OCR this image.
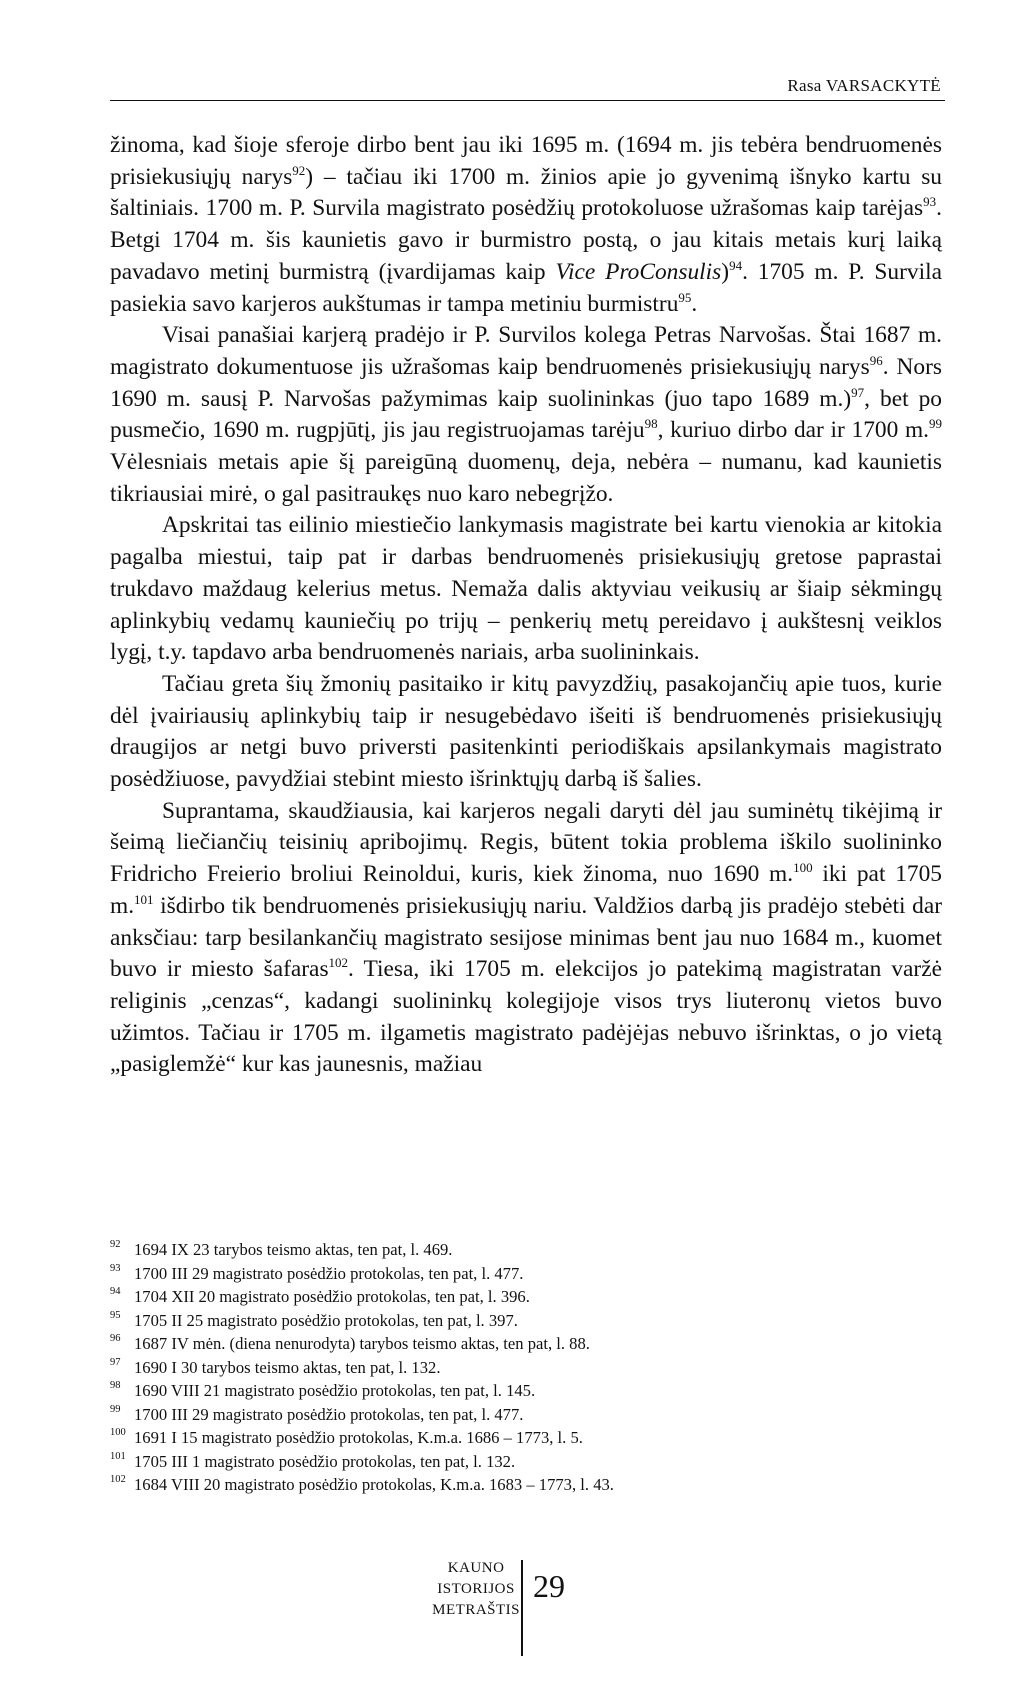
Rasa VARSACKYTĖ

žinoma, kad šioje sferoje dirbo bent jau iki 1695 m. (1694 m. jis tebėra bendruomenės prisiekusiųjų narys$^{92}$) – tačiau iki 1700 m. žinios apie jo gyvenimą išnyko kartu su šaltiniais. 1700 m. P. Survila magistrato posėdžių protokoluose užrašomas kaip tarėjas$^{93}$. Betgi 1704 m. šis kaunietis gavo ir burmistro postą, o jau kitais metais kurį laiką pavadavo metinį burmistrą (įvardijamas kaip Vice ProConsulis)$^{94}$. 1705 m. P. Survila pasiekia savo karjeros aukštumas ir tampa metiniu burmistru$^{95}$.

Visai panašiai karjerą pradėjo ir P. Survilos kolega Petras Narvošas. Štai 1687 m. magistrato dokumentuose jis užrašomas kaip bendruomenės prisiekusiųjų narys$^{96}$. Nors 1690 m. sausį P. Narvošas pažymimas kaip suolininkas (juo tapo 1689 m.)$^{97}$, bet po pusmečio, 1690 m. rugpjūtį, jis jau registruojamas tarėju$^{98}$, kuriuo dirbo dar ir 1700 m.$^{99}$ Vėlesniais metais apie šį pareigūną duomenų, deja, nebėra – numanu, kad kaunietis tikriausiai mirė, o gal pasitraukęs nuo karo nebegrįžo.

Apskritai tas eilinio miestiečio lankymasis magistrate bei kartu vienokia ar kitokia pagalba miestui, taip pat ir darbas bendruomenės prisiekusiųjų gretose paprastai trukdavo maždaug kelerius metus. Nemaža dalis aktyviau veikusių ar šiaip sėkmingų aplinkybių vedamų kauniečių po trijų – penkerių metų pereidavo į aukštesnį veiklos lygį, t.y. tapdavo arba bendruomenės nariais, arba suolininkais.

Tačiau greta šių žmonių pasitaiko ir kitų pavyzdžių, pasakojančių apie tuos, kurie dėl įvairiausių aplinkybių taip ir nesugebėdavo išeiti iš bendruomenės prisiekusiųjų draugijos ar netgi buvo priversti pasitenkinti periodiškais apsilankymais magistrato posėdžiuose, pavydžiai stebint miesto išrinktųjų darbą iš šalies.

Suprantama, skaudžiausia, kai karjeros negali daryti dėl jau suminėtų tikėjimą ir šeimą liečiančių teisinių apribojimų. Regis, būtent tokia problema iškilo suolininko Fridricho Freierio broliui Reinoldui, kuris, kiek žinoma, nuo 1690 m.$^{100}$ iki pat 1705 m.$^{101}$ išdirbo tik bendruomenės prisiekusiųjų nariu. Valdžios darbą jis pradėjo stebėti dar anksčiau: tarp besilankančių magistrato sesijose minimas bent jau nuo 1684 m., kuomet buvo ir miesto šafaras$^{102}$. Tiesa, iki 1705 m. elekcijos jo patekimą magistratan varžė religinis „cenzas“, kadangi suolininkų kolegijoje visos trys liuteronų vietos buvo užimtos. Tačiau ir 1705 m. ilgametis magistrato padėjėjas nebuvo išrinktas, o jo vietą „pasiglemžė“ kur kas jaunesnis, mažiau

92 1694 IX 23 tarybos teismo aktas, ten pat, l. 469.
93 1700 III 29 magistrato posėdžio protokolas, ten pat, l. 477.
94 1704 XII 20 magistrato posėdžio protokolas, ten pat, l. 396.
95 1705 II 25 magistrato posėdžio protokolas, ten pat, l. 397.
96 1687 IV mėn. (diena nenurodyta) tarybos teismo aktas, ten pat, l. 88.
97 1690 I 30 tarybos teismo aktas, ten pat, l. 132.
98 1690 VIII 21 magistrato posėdžio protokolas, ten pat, l. 145.
99 1700 III 29 magistrato posėdžio protokolas, ten pat, l. 477.
100 1691 I 15 magistrato posėdžio protokolas, K.m.a. 1686 – 1773, l. 5.
101 1705 III 1 magistrato posėdžio protokolas, ten pat, l. 132.
102 1684 VIII 20 magistrato posėdžio protokolas, K.m.a. 1683 – 1773, l. 43.
KAUNO
ISTORIJOS
METRAŠTIS
29
